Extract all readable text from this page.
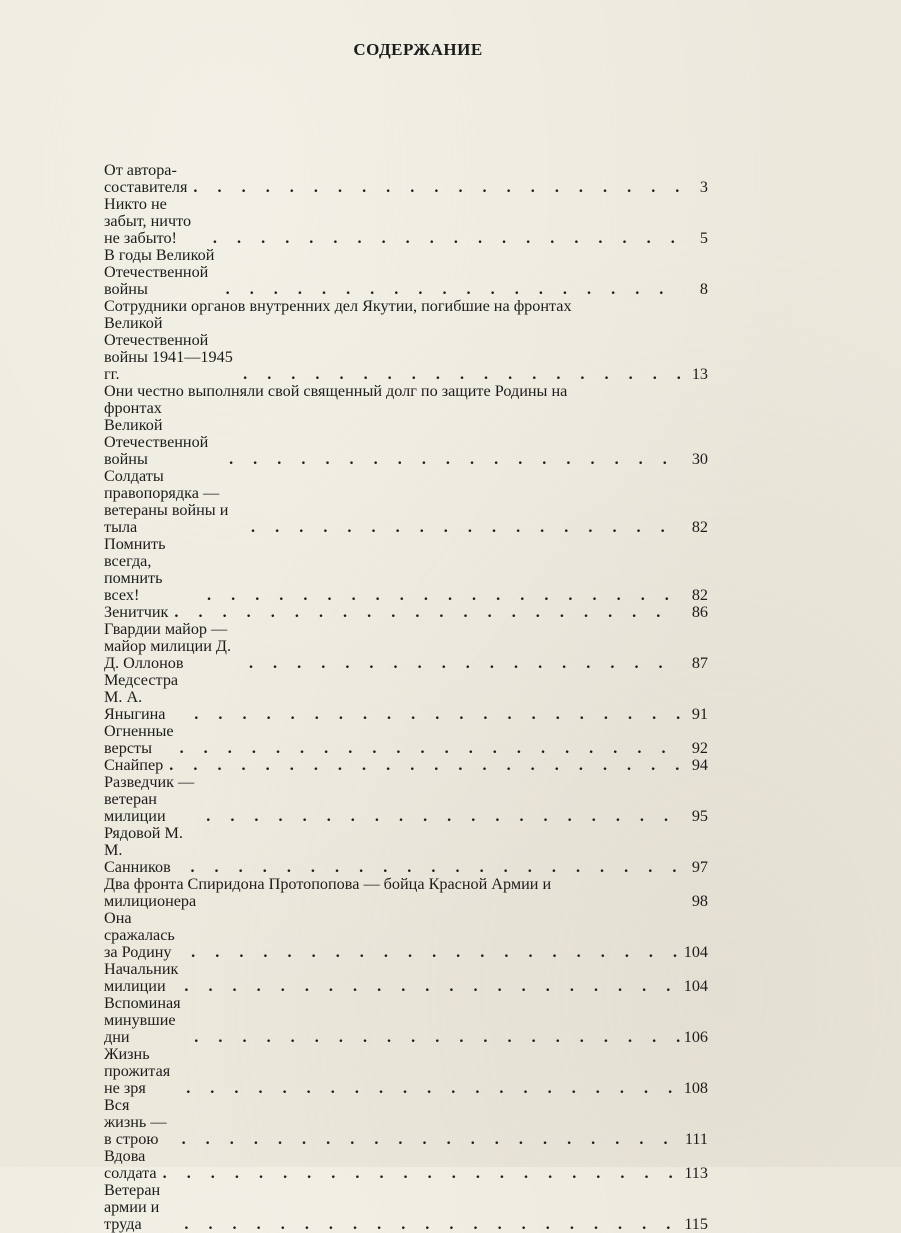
СОДЕРЖАНИЕ
От автора-составителя . . .	3
Никто не забыт, ничто не забыто! . . .	5
В годы Великой Отечественной войны . . .	8
Сотрудники органов внутренних дел Якутии, погибшие на фронтах
Великой Отечественной войны 1941—1945 гг. . . .	13
Они честно выполняли свой священный долг по защите Родины на
фронтах Великой Отечественной войны . . .	30
Солдаты правопорядка — ветераны войны и тыла . . .	82
Помнить всегда, помнить всех! . . .	82
Зенитчик . . .	86
Гвардии майор — майор милиции Д. Д. Оллонов . . .	87
Медсестра М. А. Яныгина . . .	91
Огненные версты . . .	92
Снайпер . . .	94
Разведчик — ветеран милиции . . .	95
Рядовой М. М. Санников . . .	97
Два фронта Спиридона Протопопова — бойца Красной Армии и
милиционера	98
Она сражалась за Родину . . .	104
Начальник милиции . . .	104
Вспоминая минувшие дни . . .	106
Жизнь прожитая не зря . . .	108
Вся жизнь — в строю . . .	111
Вдова солдата . . .	113
Ветеран армии и труда . . .	115
